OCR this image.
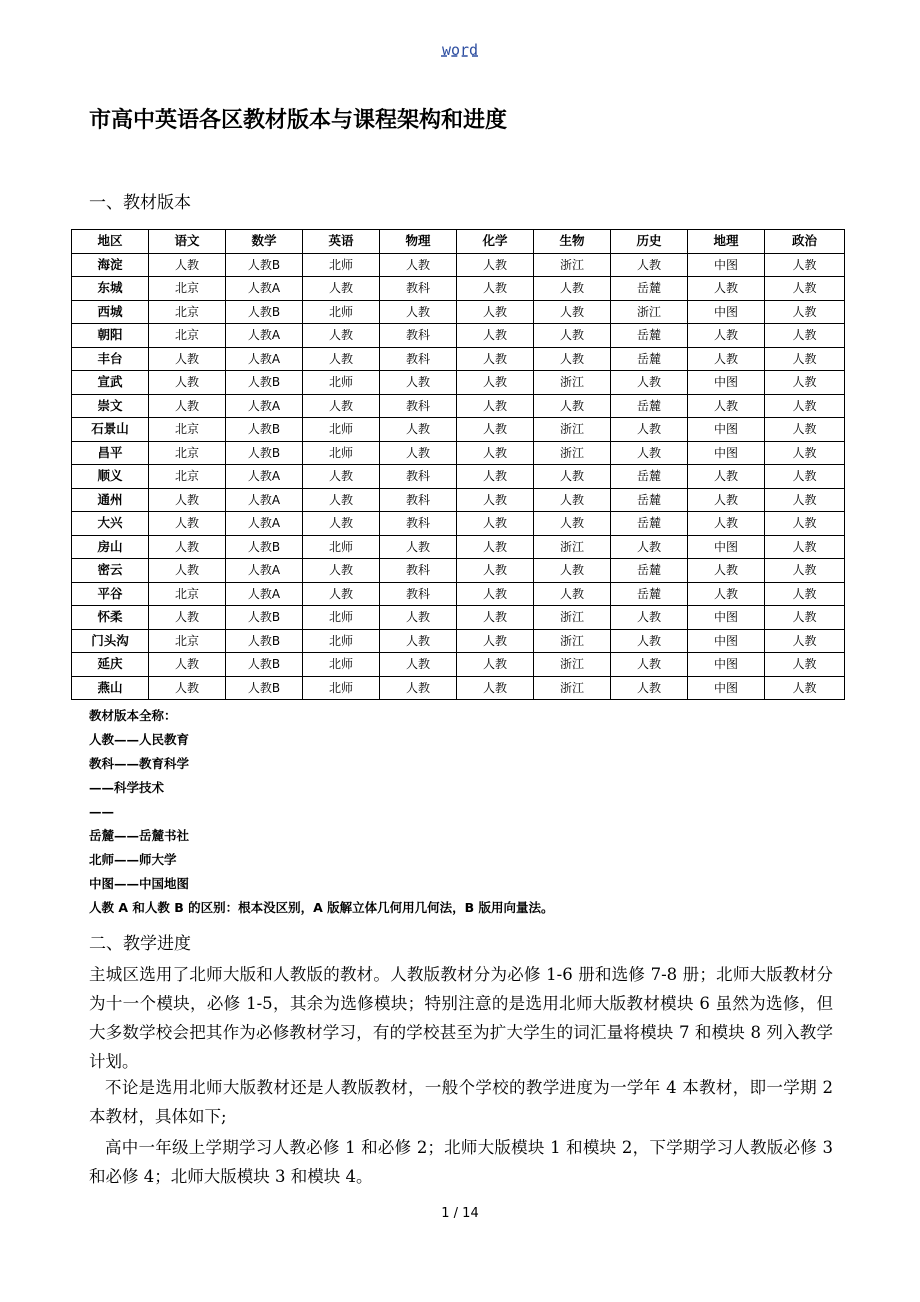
word
市高中英语各区教材版本与课程架构和进度
一、教材版本
地区	语文	数学	英语	物理	化学	生物	历史	地理	政治
海淀	人教	人教B	北师	人教	人教	浙江	人教	中图	人教
东城	北京	人教A	人教	教科	人教	人教	岳麓	人教	人教
西城	北京	人教B	北师	人教	人教	人教	浙江	中图	人教
朝阳	北京	人教A	人教	教科	人教	人教	岳麓	人教	人教
丰台	人教	人教A	人教	教科	人教	人教	岳麓	人教	人教
宣武	人教	人教B	北师	人教	人教	浙江	人教	中图	人教
崇文	人教	人教A	人教	教科	人教	人教	岳麓	人教	人教
石景山	北京	人教B	北师	人教	人教	浙江	人教	中图	人教
昌平	北京	人教B	北师	人教	人教	浙江	人教	中图	人教
顺义	北京	人教A	人教	教科	人教	人教	岳麓	人教	人教
通州	人教	人教A	人教	教科	人教	人教	岳麓	人教	人教
大兴	人教	人教A	人教	教科	人教	人教	岳麓	人教	人教
房山	人教	人教B	北师	人教	人教	浙江	人教	中图	人教
密云	人教	人教A	人教	教科	人教	人教	岳麓	人教	人教
平谷	北京	人教A	人教	教科	人教	人教	岳麓	人教	人教
怀柔	人教	人教B	北师	人教	人教	浙江	人教	中图	人教
门头沟	北京	人教B	北师	人教	人教	浙江	人教	中图	人教
延庆	人教	人教B	北师	人教	人教	浙江	人教	中图	人教
燕山	人教	人教B	北师	人教	人教	浙江	人教	中图	人教
教材版本全称：
人教——人民教育
教科——教育科学
——科学技术
——
岳麓——岳麓书社
北师——师大学
中图——中国地图
人教 A 和人教 B 的区别：根本没区别，A 版解立体几何用几何法，B 版用向量法。
二、教学进度

主城区选用了北师大版和人教版的教材。人教版教材分为必修 1-6 册和选修 7-8 册；北师大版教材分为十一个模块，必修 1-5，其余为选修模块；特别注意的是选用北师大版教材模块 6 虽然为选修，但大多数学校会把其作为必修教材学习，有的学校甚至为扩大学生的词汇量将模块 7 和模块 8 列入教学计划。

不论是选用北师大版教材还是人教版教材，一般个学校的教学进度为一学年 4 本教材，即一学期 2 本教材，具体如下;

高中一年级上学期学习人教必修 1 和必修 2；北师大版模块 1 和模块 2，下学期学习人教版必修 3 和必修 4；北师大版模块 3 和模块 4。

1 / 14
